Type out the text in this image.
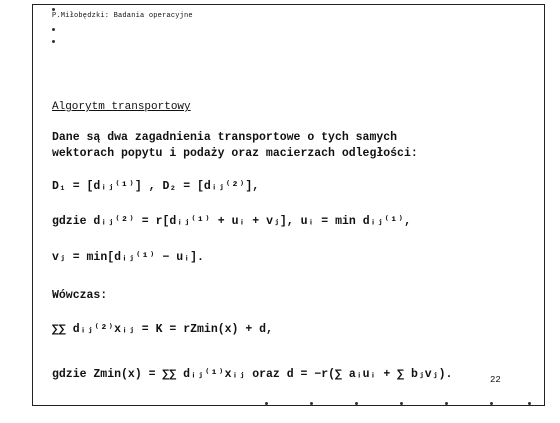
P.Miłobędzki: Badania operacyjne
Algorytm transportowy
Dane są dwa zagadnienia transportowe o tych samych
wektorach popytu i podaży oraz macierzach odległości:
D₁ = [dᵢⱼ⁽¹⁾] , D₂ = [dᵢⱼ⁽²⁾],
gdzie dᵢⱼ⁽²⁾ = r[dᵢⱼ⁽¹⁾ + uᵢ + vⱼ], uᵢ = min dᵢⱼ⁽¹⁾,
vⱼ = min[dᵢⱼ⁽¹⁾ − uᵢ].
Wówczas:
∑∑ dᵢⱼ⁽²⁾xᵢⱼ = K = rZmin(x) + d,
gdzie Zmin(x) = ∑∑ dᵢⱼ⁽¹⁾xᵢⱼ oraz d = −r(∑ aᵢuᵢ + ∑ bⱼvⱼ).	22
